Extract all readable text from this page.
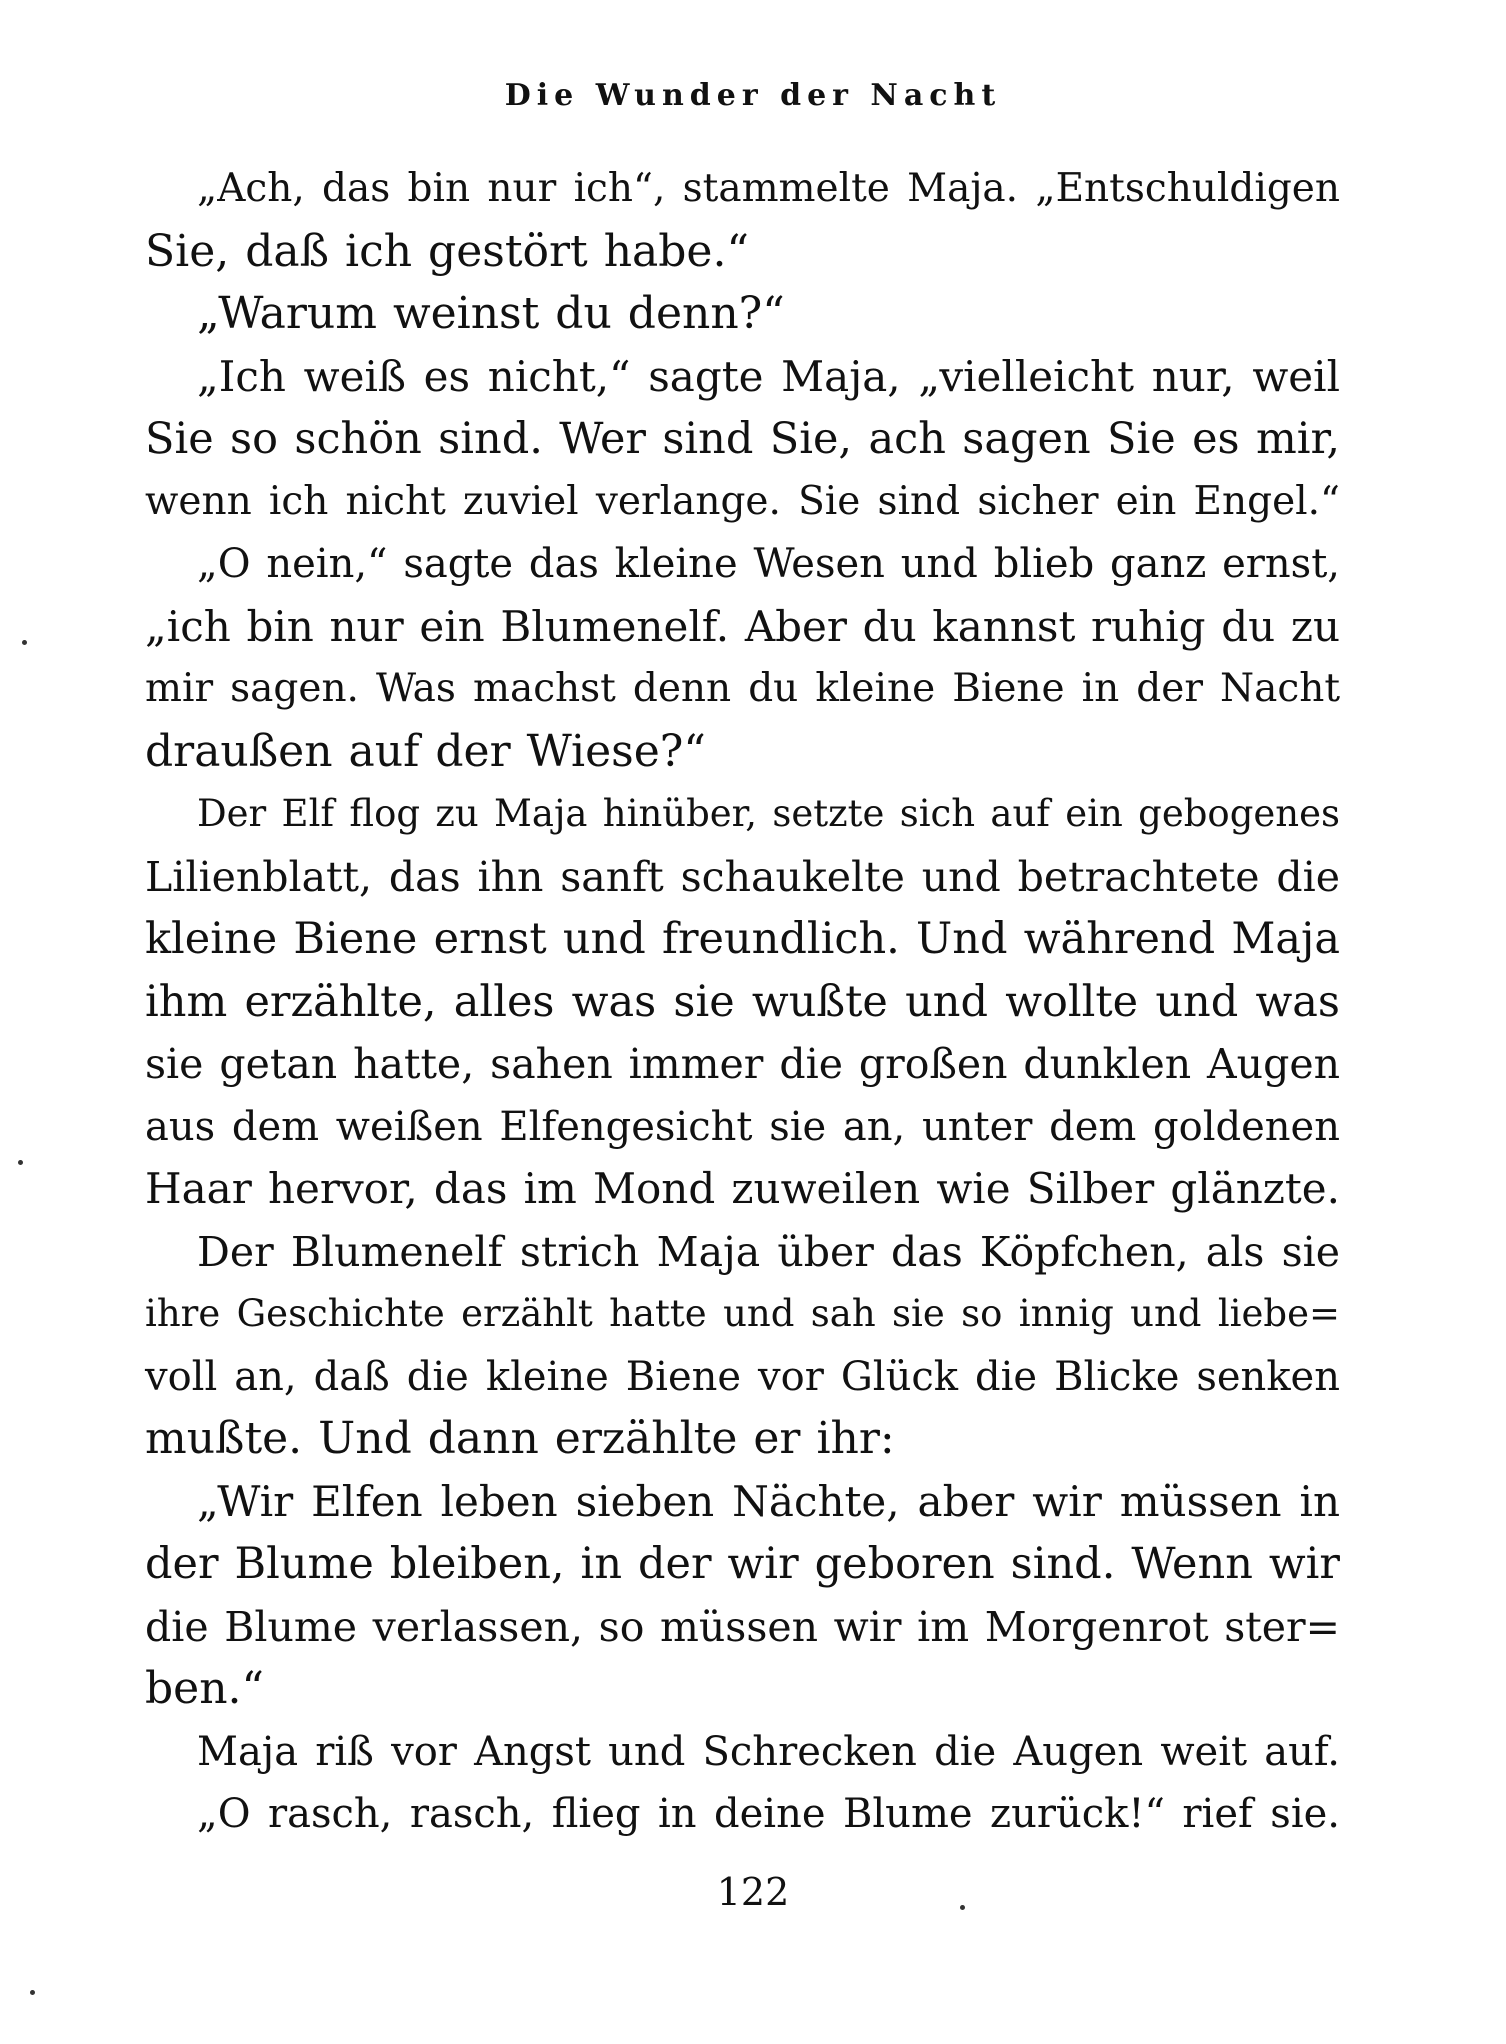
Die Wunder der Nacht
„Ach, das bin nur ich“, stammelte Maja. „Entschuldigen
Sie, daß ich gestört habe.“
„Warum weinst du denn?“
„Ich weiß es nicht,“ sagte Maja, „vielleicht nur, weil
Sie so schön sind. Wer sind Sie, ach sagen Sie es mir,
wenn ich nicht zuviel verlange. Sie sind sicher ein Engel.“
„O nein,“ sagte das kleine Wesen und blieb ganz ernst,
„ich bin nur ein Blumenelf. Aber du kannst ruhig du zu
mir sagen. Was machst denn du kleine Biene in der Nacht
draußen auf der Wiese?“
Der Elf flog zu Maja hinüber, setzte sich auf ein gebogenes
Lilienblatt, das ihn sanft schaukelte und betrachtete die
kleine Biene ernst und freundlich. Und während Maja
ihm erzählte, alles was sie wußte und wollte und was
sie getan hatte, sahen immer die großen dunklen Augen
aus dem weißen Elfengesicht sie an, unter dem goldenen
Haar hervor, das im Mond zuweilen wie Silber glänzte.
Der Blumenelf strich Maja über das Köpfchen, als sie
ihre Geschichte erzählt hatte und sah sie so innig und liebe=
voll an, daß die kleine Biene vor Glück die Blicke senken
mußte. Und dann erzählte er ihr:
„Wir Elfen leben sieben Nächte, aber wir müssen in
der Blume bleiben, in der wir geboren sind. Wenn wir
die Blume verlassen, so müssen wir im Morgenrot ster=
ben.“
Maja riß vor Angst und Schrecken die Augen weit auf.
„O rasch, rasch, flieg in deine Blume zurück!“ rief sie.
122
